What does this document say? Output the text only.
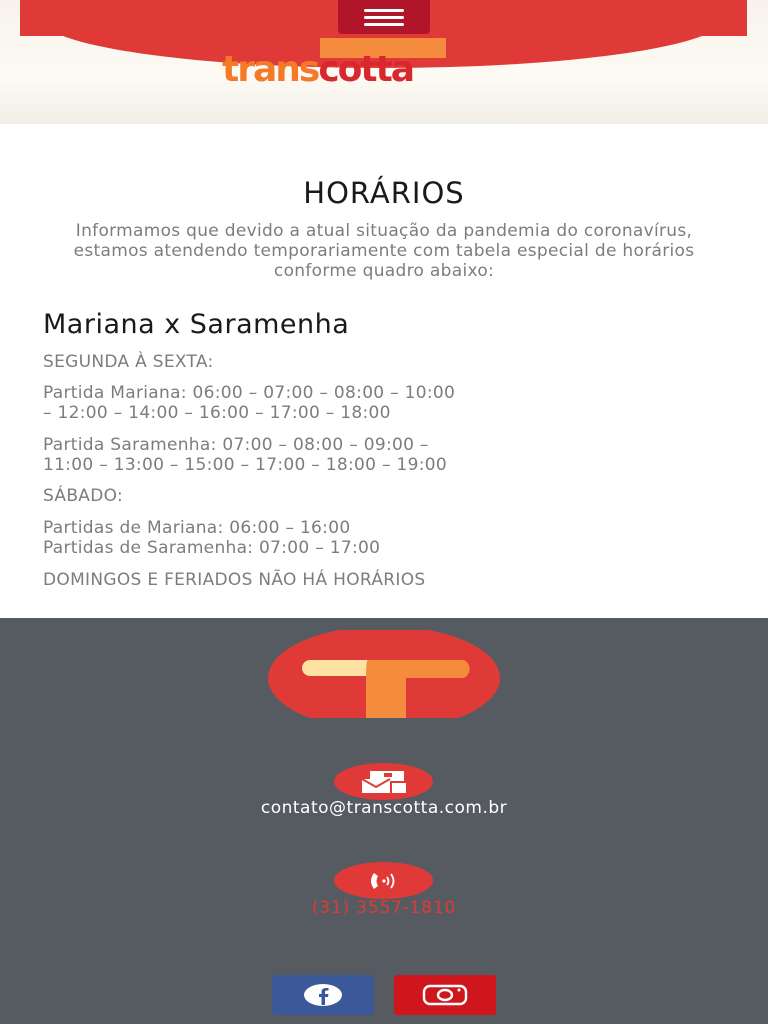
transcotta
HORÁRIOS

Informamos que devido a atual situação da pandemia do coronavírus, estamos atendendo temporariamente com tabela especial de horários conforme quadro abaixo:

Mariana x Saramenha

SEGUNDA À SEXTA:

Partida Mariana: 06:00 – 07:00 – 08:00 – 10:00

– 12:00 – 14:00 – 16:00 – 17:00 – 18:00

Partida Saramenha: 07:00 – 08:00 – 09:00 –

11:00 – 13:00 – 15:00 – 17:00 – 18:00 – 19:00

SÁBADO:

Partidas de Mariana: 06:00 – 16:00

Partidas de Saramenha: 07:00 – 17:00

DOMINGOS E FERIADOS NÃO HÁ HORÁRIOS

contato@transcotta.com.br
(31) 3557-1810
